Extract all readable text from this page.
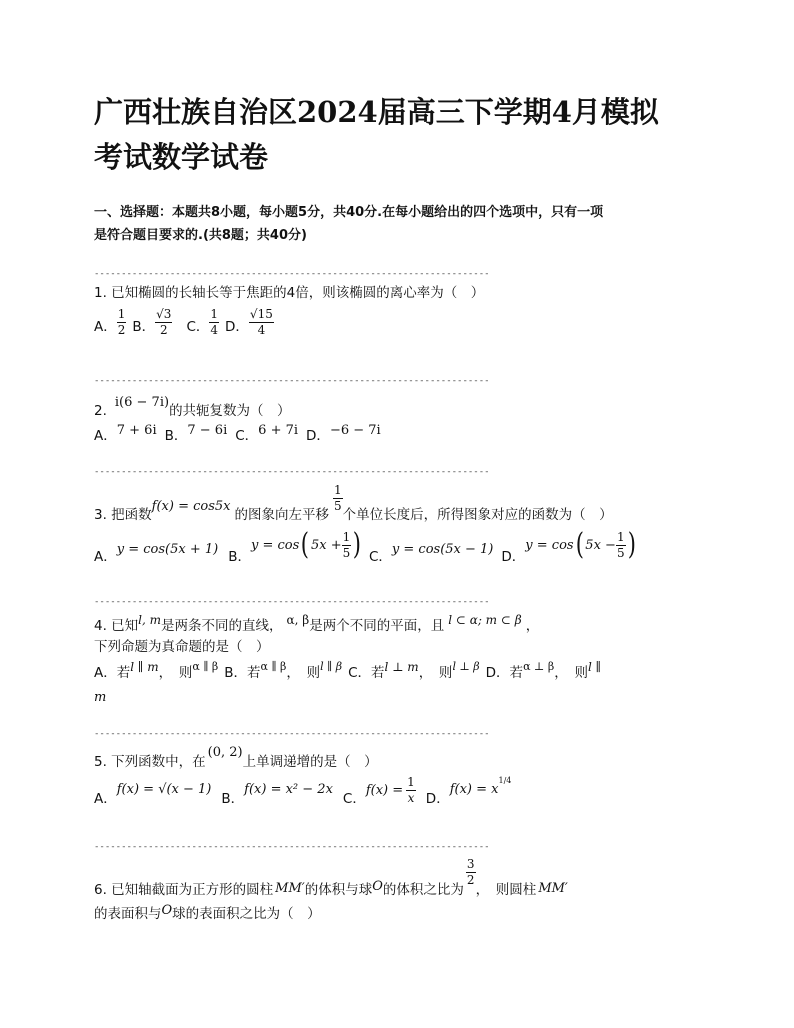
广西壮族自治区2024届高三下学期4月模拟
考试数学试卷
一、选择题：本题共8小题，每小题5分，共40分.在每小题给出的四个选项中，只有一项
是符合题目要求的.(共8题；共40分)
-------------------------------------------------------------------------
1. 已知椭圆的长轴长等于焦距的4倍，则该椭圆的离心率为（　）
A． $\frac{1}{2}$ B． $\frac{√3}{2}$ C． $\frac{1}{4}$ D． $\frac{√15}{4}$
-------------------------------------------------------------------------
2.
i(6 − 7i)
的共轭复数为（　）
A． 7 + 6i B． 7 − 6i C． 6 + 7i D． −6 − 7i
-------------------------------------------------------------------------
3. 把函数
f(x) = cos5x
的图象向左平移
$\frac{1}{5}$
个单位长度后，所得图象对应的函数为（　）
A． y = cos(5x + 1) B．
y = cos ( $5x + \frac{1}{5}$ ) C． y = cos(5x − 1) D．
y = cos ( $5x - \frac{1}{5}$ )
-------------------------------------------------------------------------
4. 已知 l, m 是两条不同的直线， α, β 是两个不同的平面，且 l ⊂ α; m ⊂ β ，
下列命题为真命题的是（　）
A．若 l ∥ m ，　则 α ∥ β B．若 α ∥ β ，　则 l ∥ β C．若 l ⊥ m ，　则 l ⊥ β D．若 α ⊥ β ，　则 l ∥
m
-------------------------------------------------------------------------
5. 下列函数中，在
(0, 2)
上单调递增的是（　）
A．
f(x) = √(x − 1)
B．
f(x) = x² − 2x
C．
$f(x) = \frac{1}{x}$ D．
f(x) = x
1/4
-------------------------------------------------------------------------
6. 已知轴截面为正方形的圆柱 MM′ 的体积与球 O 的体积之比为
$\frac{3}{2}$
，　则圆柱 MM′
的表面积与 O 球的表面积之比为（　）
